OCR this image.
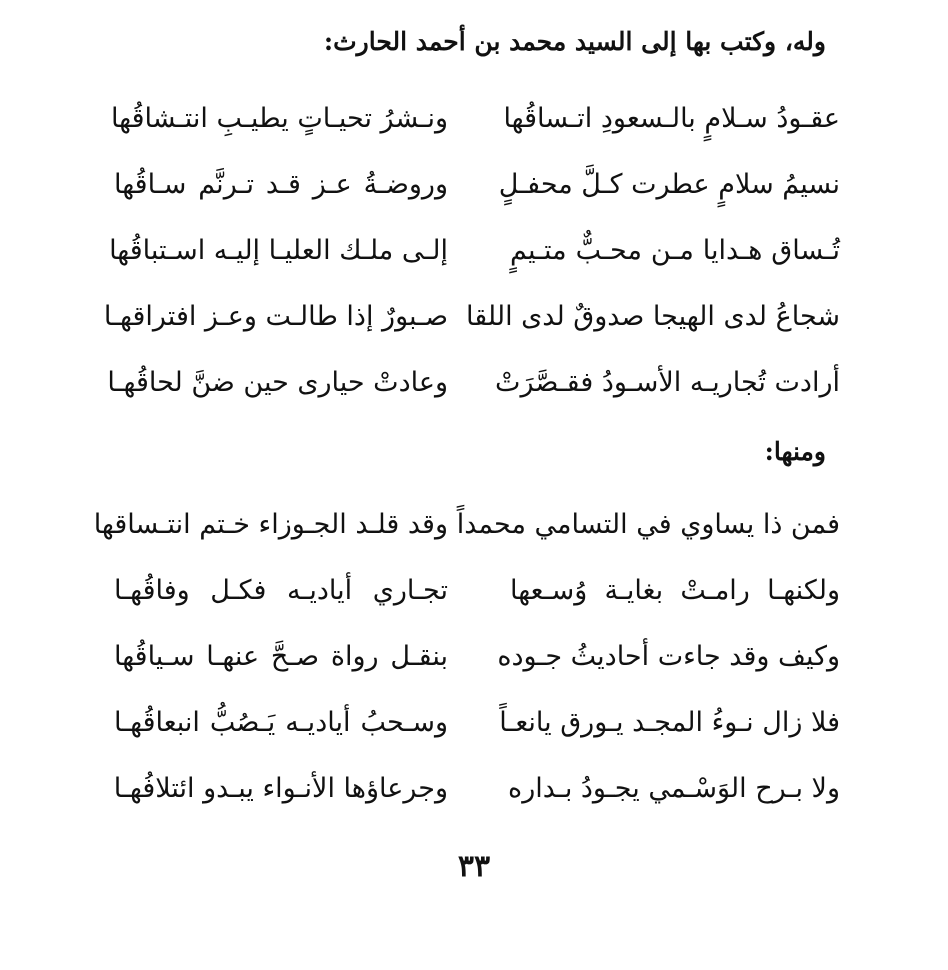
وله، وكتب بها إلى السيد محمد بن أحمد الحارث:
عقـودُ سـلامٍ بالـسعودِ اتـساقُها
ونـشرُ تحيـاتٍ يطيـبِ انتـشاقُها
نسيمُ سلامٍ عطرت كـلَّ محفـلٍ
وروضـةُ عـز قـد تـرنَّم سـاقُها
تُـساق هـدايا مـن محـبٌّ متـيمٍ
إلـى ملـك العليـا إليـه اسـتباقُها
شجاعُ لدى الهيجا صدوقٌ لدى اللقا
صـبورٌ إذا طالـت وعـز افتراقهـا
أرادت تُجاريـه الأسـودُ فقـصَّرَتْ
وعادتْ حيارى حين ضنَّ لحاقُهـا
ومنها:
فمن ذا يساوي في التسامي محمداً
وقد قلـد الجـوزاء خـتم انتـساقها
ولكنهـا رامـتْ بغايـة وُسـعها
تجـاري أياديـه فكـل وفاقُهـا
وكيف وقد جاءت أحاديثُ جـوده
بنقـل رواة صـحَّ عنهـا سـياقُها
فلا زال نـوءُ المجـد يـورق يانعـاً
وسـحبُ أياديـه يَـصُبُّ انبعاقُهـا
ولا بـرح الوَسْـمي يجـودُ بـداره
وجرعاؤها الأنـواء يبـدو ائتلافُهـا
٣٣
